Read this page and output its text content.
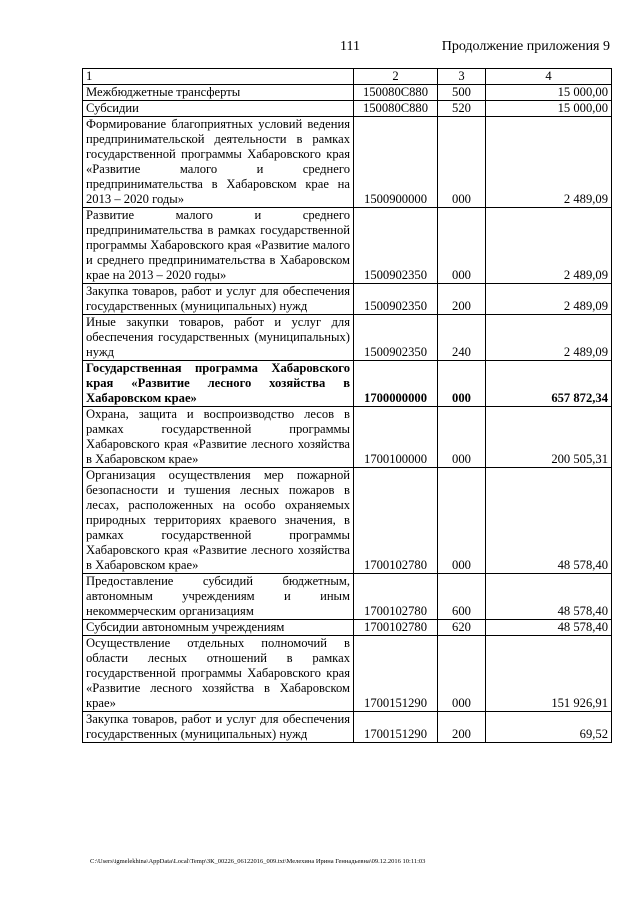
111	Продолжение приложения 9
1	2	3	4
Межбюджетные трансферты	150080С880	500	15 000,00
Субсидии	150080С880	520	15 000,00
Формирование благоприятных условий ведения предпринимательской деятельности в рамках государственной программы Хабаровского края «Развитие малого и среднего предпринимательства в Хабаровском крае на 2013 – 2020 годы»	1500900000	000	2 489,09
Развитие малого и среднего предпринимательства в рамках государственной программы Хабаровского края «Развитие малого и среднего предпринимательства в Хабаровском крае на 2013 – 2020 годы»	1500902350	000	2 489,09
Закупка товаров, работ и услуг для обеспечения государственных (муниципальных) нужд	1500902350	200	2 489,09
Иные закупки товаров, работ и услуг для обеспечения государственных (муниципальных) нужд	1500902350	240	2 489,09
Государственная программа Хабаровского края «Развитие лесного хозяйства в Хабаровском крае»	1700000000	000	657 872,34
Охрана, защита и воспроизводство лесов в рамках государственной программы Хабаровского края «Развитие лесного хозяйства в Хабаровском крае»	1700100000	000	200 505,31
Организация осуществления мер пожарной безопасности и тушения лесных пожаров в лесах, расположенных на особо охраняемых природных территориях краевого значения, в рамках государственной программы Хабаровского края «Развитие лесного хозяйства в Хабаровском крае»	1700102780	000	48 578,40
Предоставление субсидий бюджетным, автономным учреждениям и иным некоммерческим организациям	1700102780	600	48 578,40
Субсидии автономным учреждениям	1700102780	620	48 578,40
Осуществление отдельных полномочий в области лесных отношений в рамках государственной программы Хабаровского края «Развитие лесного хозяйства в Хабаровском крае»	1700151290	000	151 926,91
Закупка товаров, работ и услуг для обеспечения государственных (муниципальных) нужд	1700151290	200	69,52
C:\Users\igmelekhina\AppData\Local\Temp\ЗК_00226_06122016_009.txt\Мелехина Ирина Геннадьевна\09.12.2016 10:11:03
